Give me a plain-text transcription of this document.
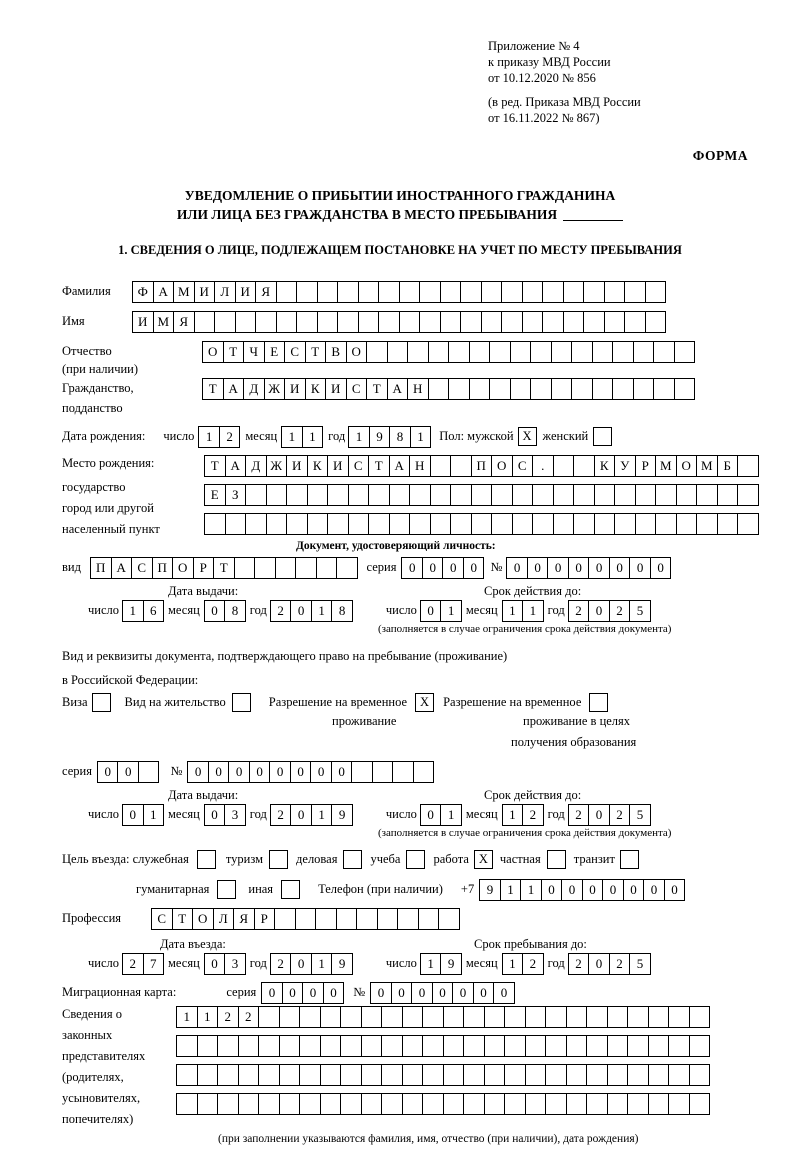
Приложение № 4
к приказу МВД России
от 10.12.2020 № 856
(в ред. Приказа МВД России
от 16.11.2022 № 867)
ФОРМА
УВЕДОМЛЕНИЕ О ПРИБЫТИИ ИНОСТРАННОГО ГРАЖДАНИНА
ИЛИ ЛИЦА БЕЗ ГРАЖДАНСТВА В МЕСТО ПРЕБЫВАНИЯ
1. СВЕДЕНИЯ О ЛИЦЕ, ПОДЛЕЖАЩЕМ ПОСТАНОВКЕ НА УЧЕТ ПО МЕСТУ ПРЕБЫВАНИЯ
Фамилия	Ф А М И Л И Я
Имя	И М Я
Отчество	О Т Ч Е С Т В О
(при наличии)
Гражданство,	Т А Д Ж И К И С Т А Н
подданство
Дата рождения: число 1	2	месяц 1	1	год 1	9	8	1	Пол: мужской X женский
Место рождения:
государство
город или другой
населенный пункт
Т А Д Ж И К И С Т А Н	П О С	.	К У Р М О М Б
Е	З
Документ, удостоверяющий личность:
вид	П А С П О Р Т	серия 0	0	0	0	№ 0	0	0	0	0	0	0	0
Дата выдачи:	Срок действия до:
число 1	6 месяц 0	8 год 2	0	1	8	число 0	1 месяц 1	1 год 2	0	2	5
(заполняется в случае ограничения срока действия документа)
Вид и реквизиты документа, подтверждающего право на пребывание (проживание)
в Российской Федерации:
Виза	Вид на жительство	Разрешение на временное	X	Разрешение на временное
проживание	проживание в целях
получения образования
серия 0	0	№ 0	0	0	0	0	0	0	0
Дата выдачи:	Срок действия до:
число 0	1 месяц 0	3 год 2	0	1	9	число 0	1 месяц 1	2 год 2	0	2	5
(заполняется в случае ограничения срока действия документа)
Цель въезда: служебная	туризм	деловая	учеба	работа X частная	транзит
гуманитарная	иная	Телефон (при наличии) +7 9	1	1	0	0	0	0	0	0	0
Профессия	С Т О Л Я Р
Дата въезда:	Срок пребывания до:
число 2	7 месяц 0	3 год 2	0	1	9	число 1	9 месяц 1	2 год 2	0	2	5
Миграционная карта:	серия 0	0	0	0	№ 0	0	0	0	0	0	0
Сведения о
законных
представителях
(родителях,
усыновителях,
попечителях)
1	1	2	2
(при заполнении указываются фамилия, имя, отчество (при наличии), дата рождения)
